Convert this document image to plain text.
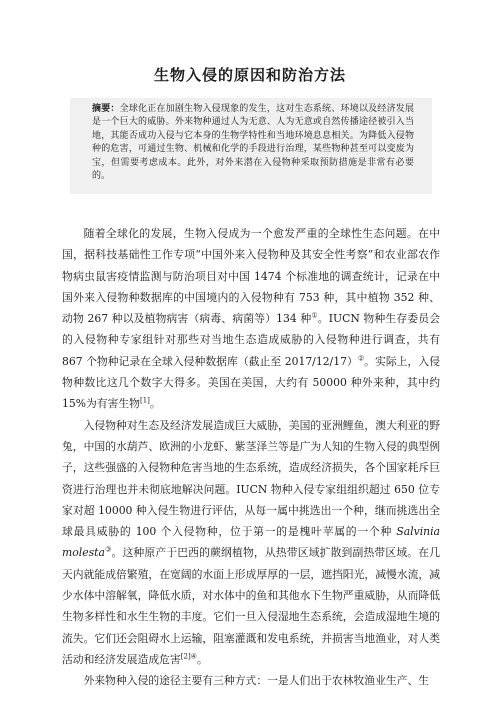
生物入侵的原因和防治方法

摘要：全球化正在加剧生物入侵现象的发生，这对生态系统、环境以及经济发展是一个巨大的威胁。外来物种通过人为无意、人为无意或自然传播途径被引入当地，其能否成功入侵与它本身的生物学特性和当地环境息息相关。为降低入侵物种的危害，可通过生物、机械和化学的手段进行治理，某些物种甚至可以变废为宝，但需要考虑成本。此外，对外来潜在入侵物种采取预防措施是非常有必要的。

随着全球化的发展，生物入侵成为一个愈发严重的全球性生态问题。在中国，据科技基础性工作专项“中国外来入侵物种及其安全性考察”和农业部农作物病虫鼠害疫情监测与防治项目对中国 1474 个标准地的调查统计，记录在中国外来入侵物种数据库的中国境内的入侵物种有 753 种，其中植物 352 种、动物 267 种以及植物病害（病毒、病菌等）134 种①。IUCN 物种生存委员会的入侵物种专家组针对那些对当地生态造成威胁的入侵物种进行调查，共有 867 个物种记录在全球入侵种数据库（截止至 2017/12/17）②。实际上，入侵物种数比这几个数字大得多。美国在美国，大约有 50000 种外来种，其中约 15%为有害生物[1]。

入侵物种对生态及经济发展造成巨大威胁，美国的亚洲鲤鱼，澳大利亚的野兔，中国的水葫芦、欧洲的小龙虾、紫茎泽兰等是广为人知的生物入侵的典型例子，这些强盛的入侵物种危害当地的生态系统，造成经济损失，各个国家耗斥巨资进行治理也并未彻底地解决问题。IUCN 物种入侵专家组组织超过 650 位专家对超 10000 种入侵生物进行评估，从每一属中挑选出一个种，继而挑选出全球最具威胁的 100 个入侵物种，位于第一的是槐叶苹属的一个种 Salvinia molesta③。这种原产于巴西的蕨纲植物，从热带区域扩散到副热带区域。在几天内就能成倍繁殖，在宽阔的水面上形成厚厚的一层，遮挡阳光，减慢水流，减少水体中溶解氧，降低水质，对水体中的鱼和其他水下生物严重威胁，从而降低生物多样性和水生生物的丰度。它们一旦入侵湿地生态系统，会造成湿地生境的流失。它们还会阻碍水上运输，阻塞灌溉和发电系统，并损害当地渔业，对人类活动和经济发展造成危害$^{[2]④}$。

外来物种入侵的途径主要有三种方式：一是人们出于农林牧渔业生产、生
